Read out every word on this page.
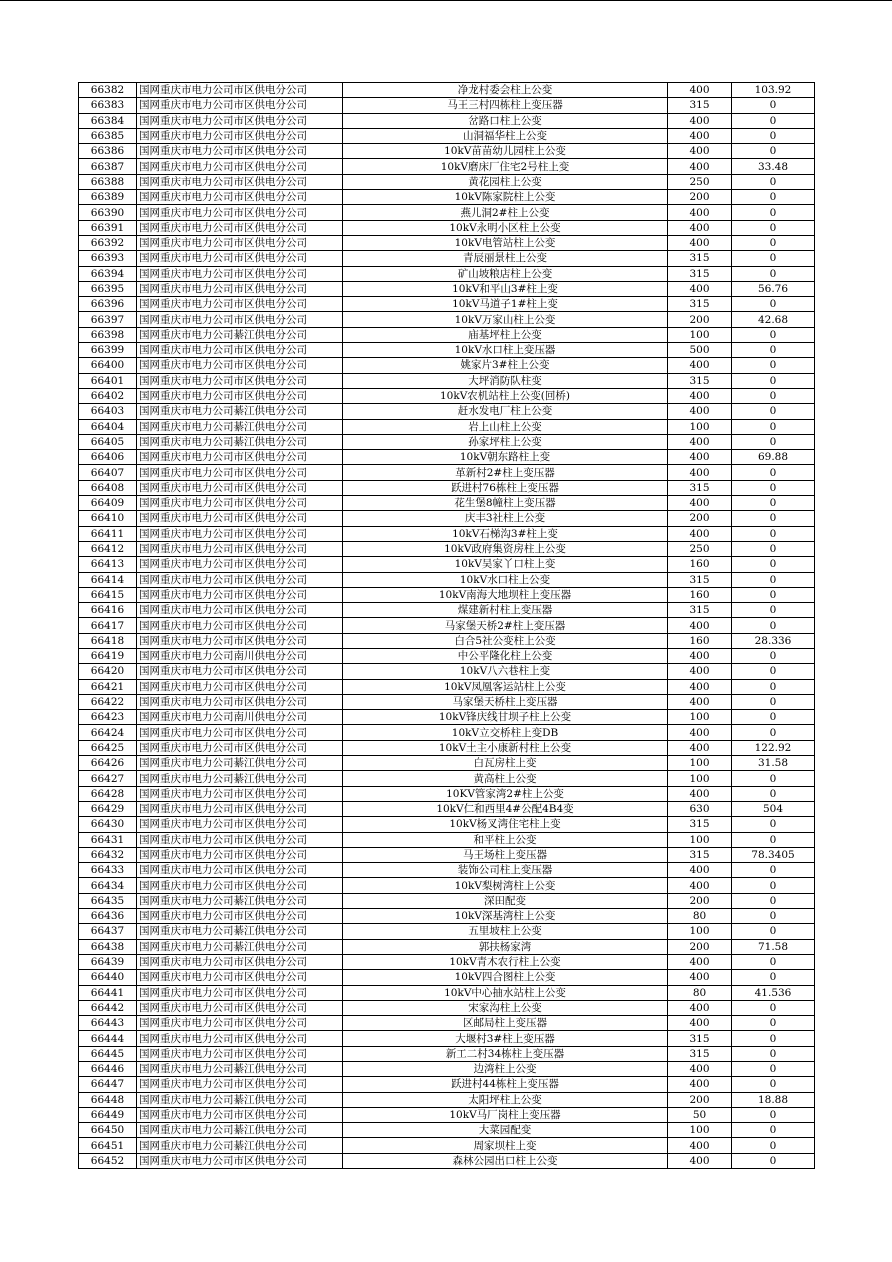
66382	国网重庆市电力公司市区供电分公司	净龙村委会柱上公变	400	103.92
66383	国网重庆市电力公司市区供电分公司	马王三村四栋柱上变压器	315	0
66384	国网重庆市电力公司市区供电分公司	岔路口柱上公变	400	0
66385	国网重庆市电力公司市区供电分公司	山洞福华柱上公变	400	0
66386	国网重庆市电力公司市区供电分公司	10kV苗苗幼儿园柱上公变	400	0
66387	国网重庆市电力公司市区供电分公司	10kV磨床厂住宅2号柱上变	400	33.48
66388	国网重庆市电力公司市区供电分公司	黄花园柱上公变	250	0
66389	国网重庆市电力公司市区供电分公司	10kV陈家院柱上公变	200	0
66390	国网重庆市电力公司市区供电分公司	燕儿洞2#柱上公变	400	0
66391	国网重庆市电力公司市区供电分公司	10kV永明小区柱上公变	400	0
66392	国网重庆市电力公司市区供电分公司	10kV电管站柱上公变	400	0
66393	国网重庆市电力公司市区供电分公司	青辰丽景柱上公变	315	0
66394	国网重庆市电力公司市区供电分公司	矿山坡粮店柱上公变	315	0
66395	国网重庆市电力公司市区供电分公司	10kV和平山3#柱上变	400	56.76
66396	国网重庆市电力公司市区供电分公司	10kV马道子1#柱上变	315	0
66397	国网重庆市电力公司市区供电分公司	10kV万家山柱上公变	200	42.68
66398	国网重庆市电力公司綦江供电分公司	庙基坪柱上公变	100	0
66399	国网重庆市电力公司市区供电分公司	10kV水口柱上变压器	500	0
66400	国网重庆市电力公司市区供电分公司	姚家片3#柱上公变	400	0
66401	国网重庆市电力公司市区供电分公司	大坪消防队柱变	315	0
66402	国网重庆市电力公司市区供电分公司	10kV农机站柱上公变(回桥)	400	0
66403	国网重庆市电力公司綦江供电分公司	赶水发电厂柱上公变	400	0
66404	国网重庆市电力公司綦江供电分公司	岩上山柱上公变	100	0
66405	国网重庆市电力公司綦江供电分公司	孙家坪柱上公变	400	0
66406	国网重庆市电力公司市区供电分公司	10kV朝东路柱上变	400	69.88
66407	国网重庆市电力公司市区供电分公司	革新村2#柱上变压器	400	0
66408	国网重庆市电力公司市区供电分公司	跃进村76栋柱上变压器	315	0
66409	国网重庆市电力公司市区供电分公司	花生堡8幢柱上变压器	400	0
66410	国网重庆市电力公司市区供电分公司	庆丰3社柱上公变	200	0
66411	国网重庆市电力公司市区供电分公司	10kV石梯沟3#柱上变	400	0
66412	国网重庆市电力公司市区供电分公司	10kV政府集资房柱上公变	250	0
66413	国网重庆市电力公司市区供电分公司	10kV吴家丫口柱上变	160	0
66414	国网重庆市电力公司市区供电分公司	10kV水口柱上公变	315	0
66415	国网重庆市电力公司市区供电分公司	10kV南海大地坝柱上变压器	160	0
66416	国网重庆市电力公司市区供电分公司	煤建新村柱上变压器	315	0
66417	国网重庆市电力公司市区供电分公司	马家堡天桥2#柱上变压器	400	0
66418	国网重庆市电力公司市区供电分公司	白合5社公变柱上公变	160	28.336
66419	国网重庆市电力公司南川供电分公司	中公平隆化柱上公变	400	0
66420	国网重庆市电力公司市区供电分公司	10kV八六巷柱上变	400	0
66421	国网重庆市电力公司市区供电分公司	10kV凤凰客运站柱上公变	400	0
66422	国网重庆市电力公司市区供电分公司	马家堡天桥柱上变压器	400	0
66423	国网重庆市电力公司南川供电分公司	10kV锋庆线甘坝子柱上公变	100	0
66424	国网重庆市电力公司市区供电分公司	10kV立交桥柱上变DB	400	0
66425	国网重庆市电力公司市区供电分公司	10kV土主小康新村柱上公变	400	122.92
66426	国网重庆市电力公司綦江供电分公司	白瓦房柱上变	100	31.58
66427	国网重庆市电力公司綦江供电分公司	黄高柱上公变	100	0
66428	国网重庆市电力公司市区供电分公司	10KV管家湾2#柱上公变	400	0
66429	国网重庆市电力公司市区供电分公司	10kV仁和西里4#公配4B4变	630	504
66430	国网重庆市电力公司市区供电分公司	10kV杨叉湾住宅柱上变	315	0
66431	国网重庆市电力公司市区供电分公司	和平柱上公变	100	0
66432	国网重庆市电力公司市区供电分公司	马王场柱上变压器	315	78.3405
66433	国网重庆市电力公司市区供电分公司	装饰公司柱上变压器	400	0
66434	国网重庆市电力公司市区供电分公司	10kV梨树湾柱上公变	400	0
66435	国网重庆市电力公司綦江供电分公司	深田配变	200	0
66436	国网重庆市电力公司市区供电分公司	10kV深基湾柱上公变	80	0
66437	国网重庆市电力公司綦江供电分公司	五里坡柱上公变	100	0
66438	国网重庆市电力公司綦江供电分公司	郭扶杨家湾	200	71.58
66439	国网重庆市电力公司市区供电分公司	10kV青木农行柱上公变	400	0
66440	国网重庆市电力公司市区供电分公司	10kV四合图柱上公变	400	0
66441	国网重庆市电力公司市区供电分公司	10kV中心抽水站柱上公变	80	41.536
66442	国网重庆市电力公司市区供电分公司	宋家沟柱上公变	400	0
66443	国网重庆市电力公司市区供电分公司	区邮局柱上变压器	400	0
66444	国网重庆市电力公司市区供电分公司	大堰村3#柱上变压器	315	0
66445	国网重庆市电力公司市区供电分公司	新工二村34栋柱上变压器	315	0
66446	国网重庆市电力公司綦江供电分公司	边湾柱上公变	400	0
66447	国网重庆市电力公司市区供电分公司	跃进村44栋柱上变压器	400	0
66448	国网重庆市电力公司綦江供电分公司	太阳坪柱上公变	200	18.88
66449	国网重庆市电力公司市区供电分公司	10kV马厂岗柱上变压器	50	0
66450	国网重庆市电力公司綦江供电分公司	大菜园配变	100	0
66451	国网重庆市电力公司綦江供电分公司	周家坝柱上变	400	0
66452	国网重庆市电力公司市区供电分公司	森林公园出口柱上公变	400	0
